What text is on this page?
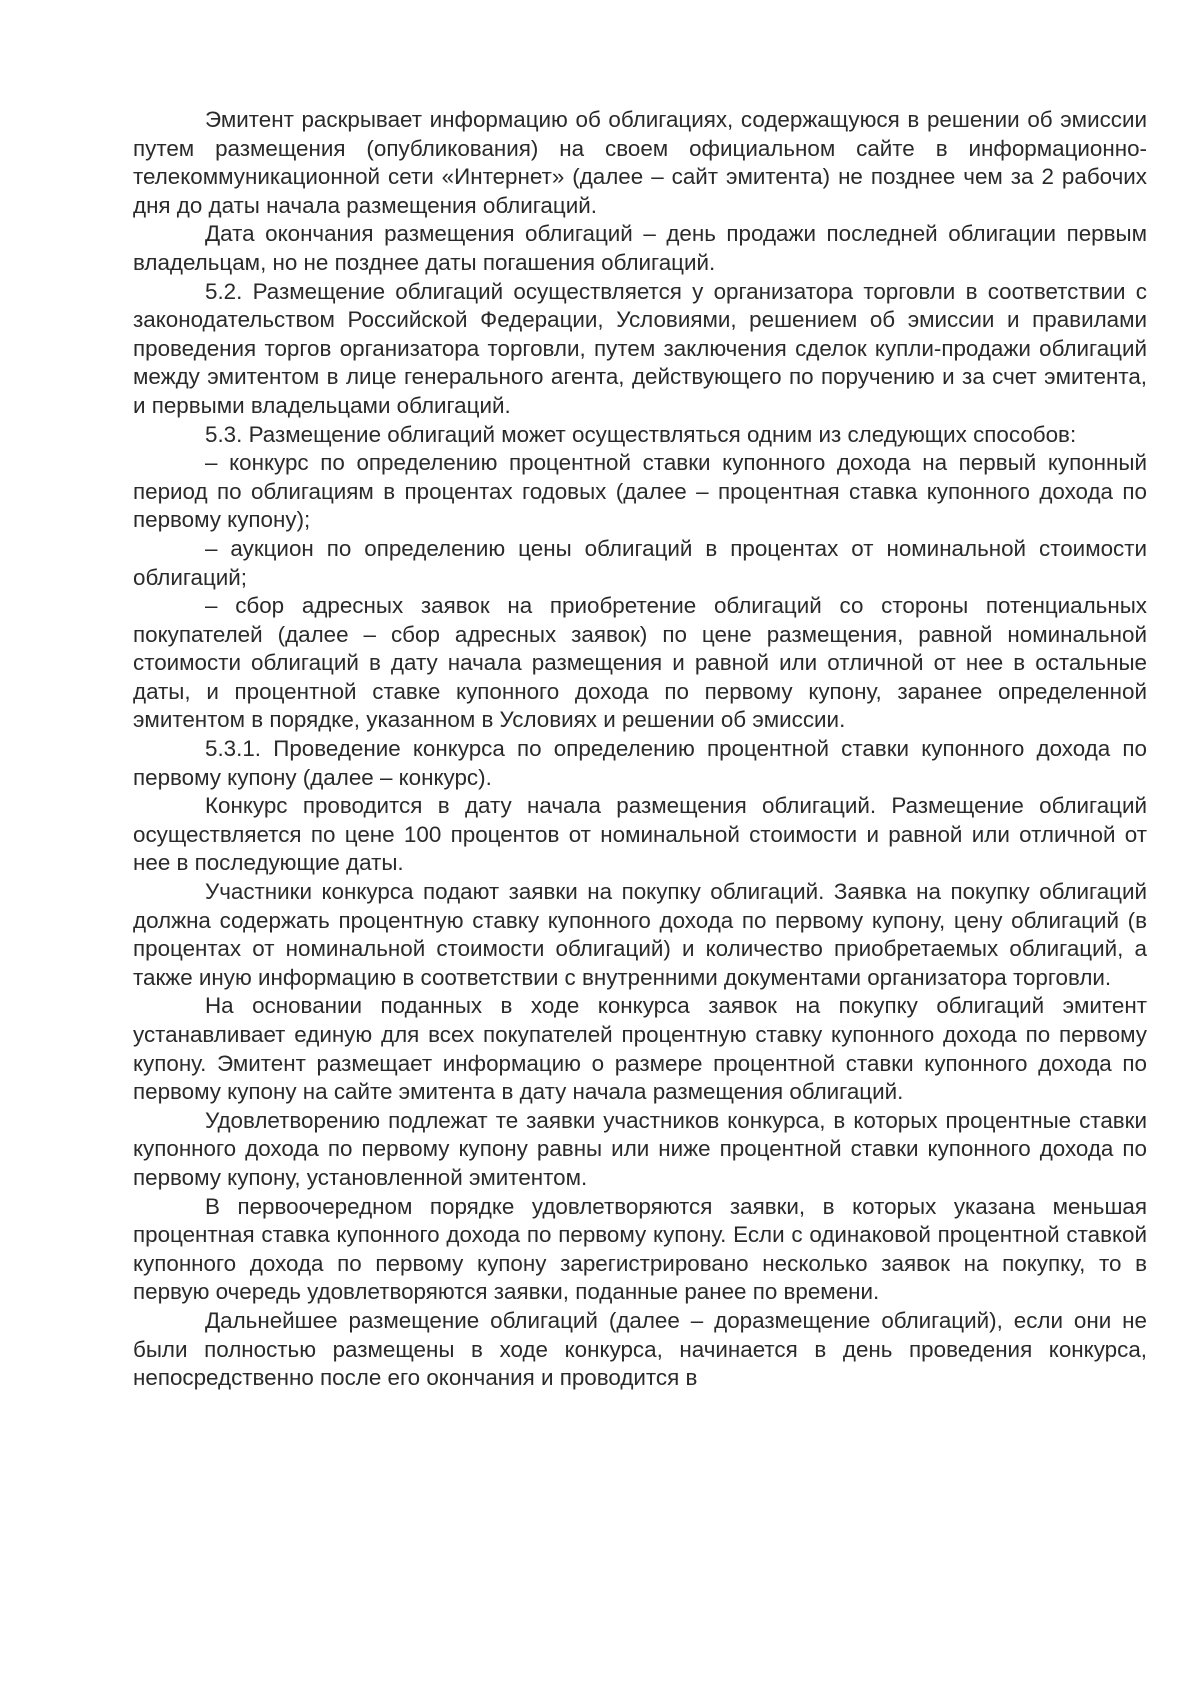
Эмитент раскрывает информацию об облигациях, содержащуюся в решении об эмиссии путем размещения (опубликования) на своем официальном сайте в информационно-телекоммуникационной сети «Интернет» (далее – сайт эмитента) не позднее чем за 2 рабочих дня до даты начала размещения облигаций.

Дата окончания размещения облигаций – день продажи последней облигации первым владельцам, но не позднее даты погашения облигаций.

5.2. Размещение облигаций осуществляется у организатора торговли в соответствии с законодательством Российской Федерации, Условиями, решением об эмиссии и правилами проведения торгов организатора торговли, путем заключения сделок купли-продажи облигаций между эмитентом в лице генерального агента, действующего по поручению и за счет эмитента, и первыми владельцами облигаций.

5.3. Размещение облигаций может осуществляться одним из следующих способов:

– конкурс по определению процентной ставки купонного дохода на первый купонный период по облигациям в процентах годовых (далее – процентная ставка купонного дохода по первому купону);

– аукцион по определению цены облигаций в процентах от номинальной стоимости облигаций;

– сбор адресных заявок на приобретение облигаций со стороны потенциальных покупателей (далее – сбор адресных заявок) по цене размещения, равной номинальной стоимости облигаций в дату начала размещения и равной или отличной от нее в остальные даты, и процентной ставке купонного дохода по первому купону, заранее определенной эмитентом в порядке, указанном в Условиях и решении об эмиссии.

5.3.1. Проведение конкурса по определению процентной ставки купонного дохода по первому купону (далее – конкурс).

Конкурс проводится в дату начала размещения облигаций. Размещение облигаций осуществляется по цене 100 процентов от номинальной стоимости и равной или отличной от нее в последующие даты.

Участники конкурса подают заявки на покупку облигаций. Заявка на покупку облигаций должна содержать процентную ставку купонного дохода по первому купону, цену облигаций (в процентах от номинальной стоимости облигаций) и количество приобретаемых облигаций, а также иную информацию в соответствии с внутренними документами организатора торговли.

На основании поданных в ходе конкурса заявок на покупку облигаций эмитент устанавливает единую для всех покупателей процентную ставку купонного дохода по первому купону. Эмитент размещает информацию о размере процентной ставки купонного дохода по первому купону на сайте эмитента в дату начала размещения облигаций.

Удовлетворению подлежат те заявки участников конкурса, в которых процентные ставки купонного дохода по первому купону равны или ниже процентной ставки купонного дохода по первому купону, установленной эмитентом.

В первоочередном порядке удовлетворяются заявки, в которых указана меньшая процентная ставка купонного дохода по первому купону. Если с одинаковой процентной ставкой купонного дохода по первому купону зарегистрировано несколько заявок на покупку, то в первую очередь удовлетворяются заявки, поданные ранее по времени.

Дальнейшее размещение облигаций (далее – доразмещение облигаций), если они не были полностью размещены в ходе конкурса, начинается в день проведения конкурса, непосредственно после его окончания и проводится в
